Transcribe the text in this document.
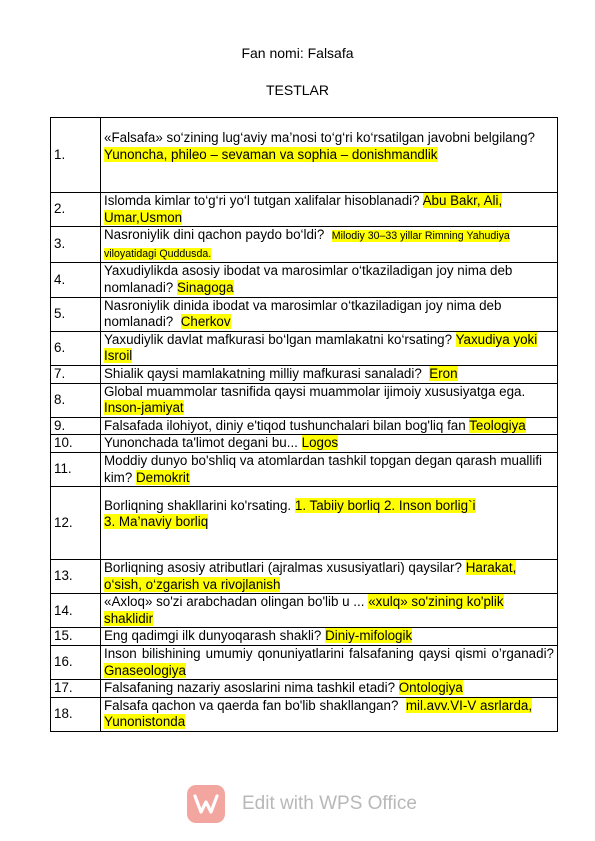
Fan nomi: Falsafa
TESTLAR
1.	«Falsafa» so‘zining lug‘aviy ma’nosi to‘g‘ri ko‘rsatilgan javobni belgilang? Yunoncha, phileo – sevaman va sophia – donishmandlik

2.	Islomda kimlar to‘g‘ri yo‘l tutgan xalifalar hisoblanadi? Abu Bakr, Ali, Umar,Usmon
3.	Nasroniylik dini qachon paydo bo‘ldi? Milodiy 30–33 yillar Rimning Yahudiya viloyatidagi Quddusda.
4.	Yaxudiylikda asosiy ibodat va marosimlar o‘tkaziladigan joy nima deb nomlanadi? Sinagoga
5.	Nasroniylik dinida ibodat va marosimlar o‘tkaziladigan joy nima deb nomlanadi? Cherkov
6.	Yaxudiylik davlat mafkurasi bo‘lgan mamlakatni ko‘rsating? Yaxudiya yoki Isroil
7.	Shialik qaysi mamlakatning milliy mafkurasi sanaladi? Eron
8.	Global muammolar tasnifida qaysi muammolar ijimoiy xususiyatga ega.  Inson-jamiyat
9.	Falsafada ilohiyot, diniy e'tiqod tushunchalari bilan bog'liq fan Teologiya
10.	Yunonchada ta'limot degani bu... Logos
11.	Moddiy dunyo bo'shliq va atomlardan tashkil topgan degan qarash muallifi kim? Demokrit
12.	Borliqning shakllarini ko'rsating. 1. Tabiiy borliq 2. Inson borlig`i
3. Ma’naviy borliq

13.	Borliqning asosiy atributlari (ajralmas xususiyatlari) qaysilar? Harakat, o‘sish, o‘zgarish va rivojlanish
14.	«Axloq» so'zi arabchadan olingan bo'lib u ... «xulq» so'zining ko'plik shaklidir
15.	Eng qadimgi ilk dunyoqarash shakli? Diniy-mifologik
16.	Inson bilishining umumiy qonuniyatlarini falsafaning qaysi qismi o’rganadi? Gnaseologiya
17.	Falsafaning nazariy asoslarini nima tashkil etadi? Ontologiya
18.	Falsafa qachon va qaerda fan bo'lib shakllangan? mil.avv.VI-V asrlarda, Yunonistonda
Edit with WPS Office
